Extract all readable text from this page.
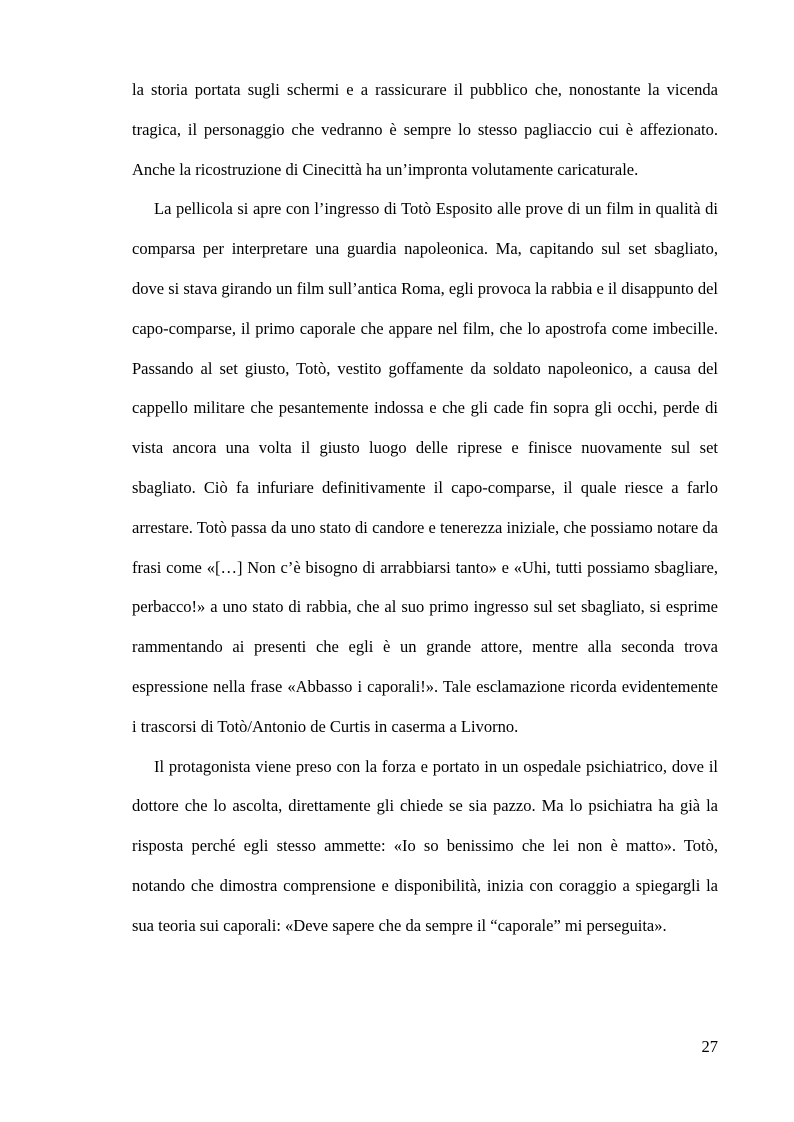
la storia portata sugli schermi e a rassicurare il pubblico che, nonostante la vicenda tragica, il personaggio che vedranno è sempre lo stesso pagliaccio cui è affezionato. Anche la ricostruzione di Cinecittà ha un’impronta volutamente caricaturale.

La pellicola si apre con l’ingresso di Totò Esposito alle prove di un film in qualità di comparsa per interpretare una guardia napoleonica. Ma, capitando sul set sbagliato, dove si stava girando un film sull’antica Roma, egli provoca la rabbia e il disappunto del capo-comparse, il primo caporale che appare nel film, che lo apostrofa come imbecille. Passando al set giusto, Totò, vestito goffamente da soldato napoleonico, a causa del cappello militare che pesantemente indossa e che gli cade fin sopra gli occhi, perde di vista ancora una volta il giusto luogo delle riprese e finisce nuovamente sul set sbagliato. Ciò fa infuriare definitivamente il capo-comparse, il quale riesce a farlo arrestare. Totò passa da uno stato di candore e tenerezza iniziale, che possiamo notare da frasi come «[…] Non c’è bisogno di arrabbiarsi tanto» e «Uhi, tutti possiamo sbagliare, perbacco!» a uno stato di rabbia, che al suo primo ingresso sul set sbagliato, si esprime rammentando ai presenti che egli è un grande attore, mentre alla seconda trova espressione nella frase «Abbasso i caporali!». Tale esclamazione ricorda evidentemente i trascorsi di Totò/Antonio de Curtis in caserma a Livorno.

Il protagonista viene preso con la forza e portato in un ospedale psichiatrico, dove il dottore che lo ascolta, direttamente gli chiede se sia pazzo. Ma lo psichiatra ha già la risposta perché egli stesso ammette: «Io so benissimo che lei non è matto». Totò, notando che dimostra comprensione e disponibilità, inizia con coraggio a spiegargli la sua teoria sui caporali: «Deve sapere che da sempre il “caporale” mi perseguita».

27
